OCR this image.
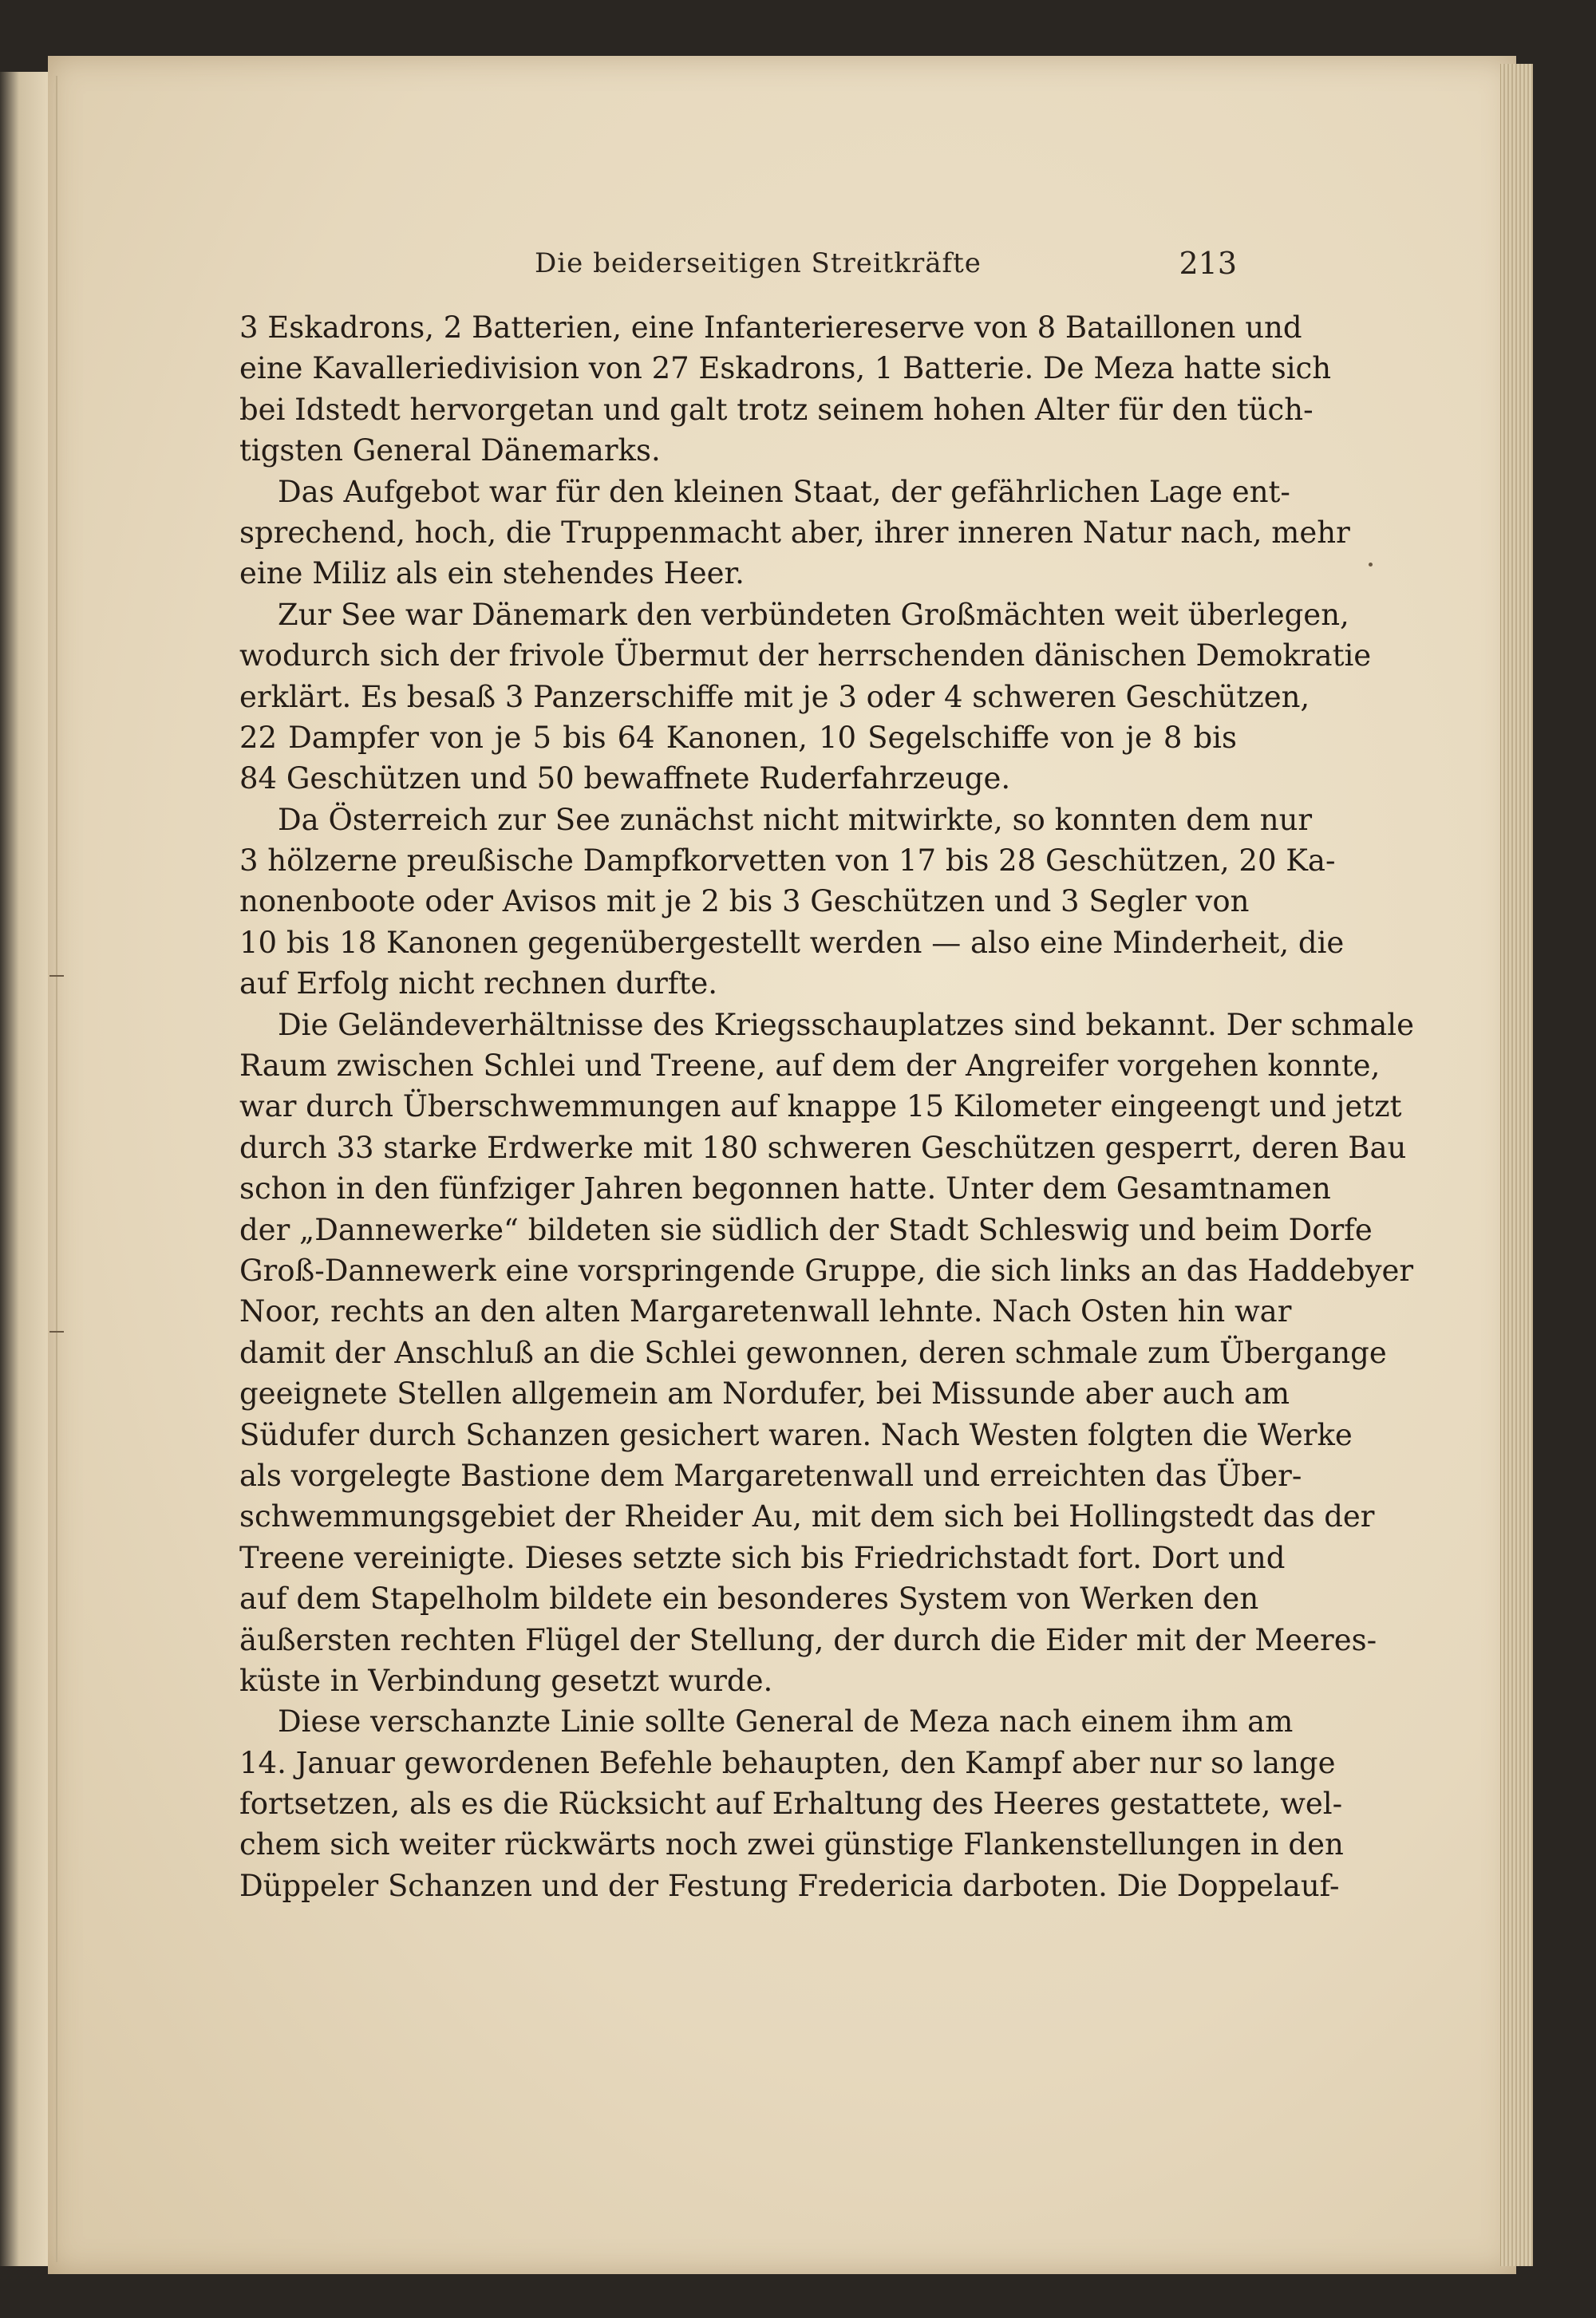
Die beiderseitigen Streitkräfte	213
3 Eskadrons, 2 Batterien, eine Infanteriereserve von 8 Bataillonen und
eine Kavalleriedivision von 27 Eskadrons, 1 Batterie. De Meza hatte sich
bei Idstedt hervorgetan und galt trotz seinem hohen Alter für den tüch-
tigsten General Dänemarks.
Das Aufgebot war für den kleinen Staat, der gefährlichen Lage ent-
sprechend, hoch, die Truppenmacht aber, ihrer inneren Natur nach, mehr
eine Miliz als ein stehendes Heer.
Zur See war Dänemark den verbündeten Großmächten weit überlegen,
wodurch sich der frivole Übermut der herrschenden dänischen Demokratie
erklärt. Es besaß 3 Panzerschiffe mit je 3 oder 4 schweren Geschützen,
22 Dampfer von je 5 bis 64 Kanonen, 10 Segelschiffe von je 8 bis
84 Geschützen und 50 bewaffnete Ruderfahrzeuge.
Da Österreich zur See zunächst nicht mitwirkte, so konnten dem nur
3 hölzerne preußische Dampfkorvetten von 17 bis 28 Geschützen, 20 Ka-
nonenboote oder Avisos mit je 2 bis 3 Geschützen und 3 Segler von
10 bis 18 Kanonen gegenübergestellt werden — also eine Minderheit, die
auf Erfolg nicht rechnen durfte.
Die Geländeverhältnisse des Kriegsschauplatzes sind bekannt. Der schmale
Raum zwischen Schlei und Treene, auf dem der Angreifer vorgehen konnte,
war durch Überschwemmungen auf knappe 15 Kilometer eingeengt und jetzt
durch 33 starke Erdwerke mit 180 schweren Geschützen gesperrt, deren Bau
schon in den fünfziger Jahren begonnen hatte. Unter dem Gesamtnamen
der „Dannewerke“ bildeten sie südlich der Stadt Schleswig und beim Dorfe
Groß-Dannewerk eine vorspringende Gruppe, die sich links an das Haddebyer
Noor, rechts an den alten Margaretenwall lehnte. Nach Osten hin war
damit der Anschluß an die Schlei gewonnen, deren schmale zum Übergange
geeignete Stellen allgemein am Nordufer, bei Missunde aber auch am
Südufer durch Schanzen gesichert waren. Nach Westen folgten die Werke
als vorgelegte Bastione dem Margaretenwall und erreichten das Über-
schwemmungsgebiet der Rheider Au, mit dem sich bei Hollingstedt das der
Treene vereinigte. Dieses setzte sich bis Friedrichstadt fort. Dort und
auf dem Stapelholm bildete ein besonderes System von Werken den
äußersten rechten Flügel der Stellung, der durch die Eider mit der Meeres-
küste in Verbindung gesetzt wurde.
Diese verschanzte Linie sollte General de Meza nach einem ihm am
14. Januar gewordenen Befehle behaupten, den Kampf aber nur so lange
fortsetzen, als es die Rücksicht auf Erhaltung des Heeres gestattete, wel-
chem sich weiter rückwärts noch zwei günstige Flankenstellungen in den
Düppeler Schanzen und der Festung Fredericia darboten. Die Doppelauf-
